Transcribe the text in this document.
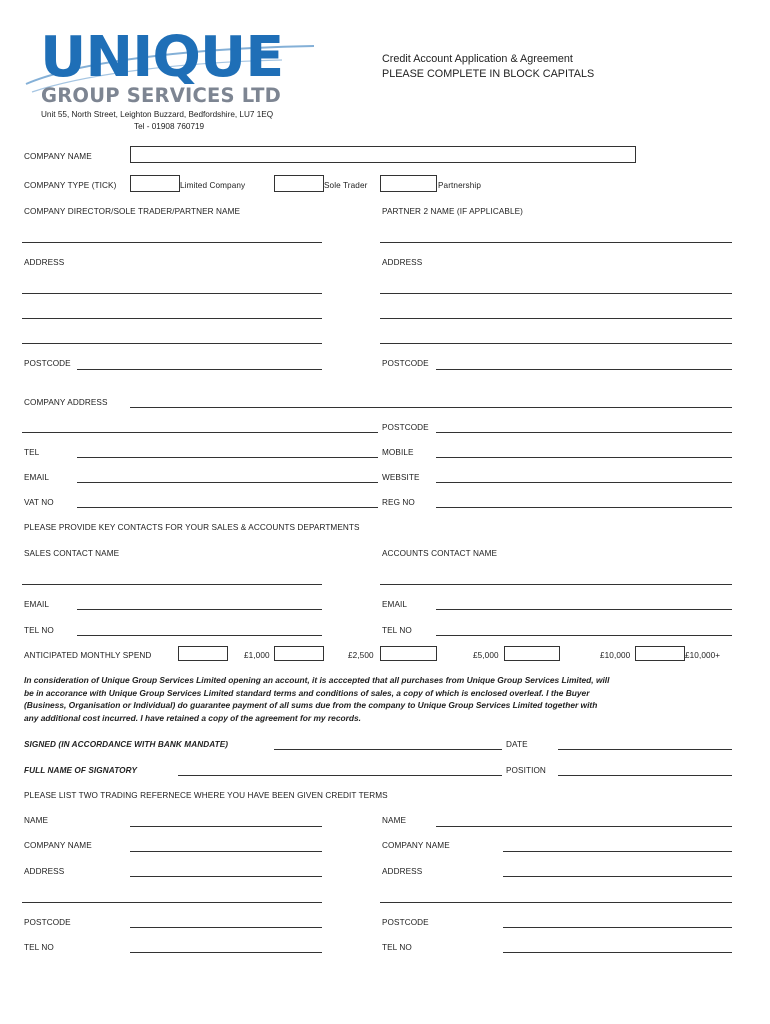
UNIQUE
GROUP SERVICES LTD
Unit 55, North Street, Leighton Buzzard, Bedfordshire, LU7 1EQ
Tel - 01908 760719
Credit Account Application & Agreement
PLEASE COMPLETE IN BLOCK CAPITALS
COMPANY NAME
COMPANY TYPE (TICK)	Limited Company	Sole Trader	Partnership
COMPANY DIRECTOR/SOLE TRADER/PARTNER NAME	PARTNER 2 NAME (IF APPLICABLE)
ADDRESS	ADDRESS
POSTCODE	POSTCODE
COMPANY ADDRESS
POSTCODE
TEL	MOBILE
EMAIL	WEBSITE
VAT NO	REG NO
PLEASE PROVIDE KEY CONTACTS FOR YOUR SALES & ACCOUNTS DEPARTMENTS
SALES CONTACT NAME	ACCOUNTS CONTACT NAME
EMAIL	EMAIL
TEL NO	TEL NO
ANTICIPATED MONTHLY SPEND	£1,000	£2,500	£5,000	£10,000	£10,000+
In consideration of Unique Group Services Limited opening an account, it is acccepted that all purchases from Unique Group Services Limited, will
be in accorance with Unique Group Services Limited standard terms and conditions of sales, a copy of which is enclosed overleaf. I the Buyer
(Business, Organisation or Individual) do guarantee payment of all sums due from the company to Unique Group Services Limited together with
any additional cost incurred. I have retained a copy of the agreement for my records.
SIGNED (IN ACCORDANCE WITH BANK MANDATE)	DATE
FULL NAME OF SIGNATORY	POSITION
PLEASE LIST TWO TRADING REFERNECE WHERE YOU HAVE BEEN GIVEN CREDIT TERMS
NAME	NAME
COMPANY NAME	COMPANY NAME
ADDRESS	ADDRESS
POSTCODE	POSTCODE
TEL NO	TEL NO
